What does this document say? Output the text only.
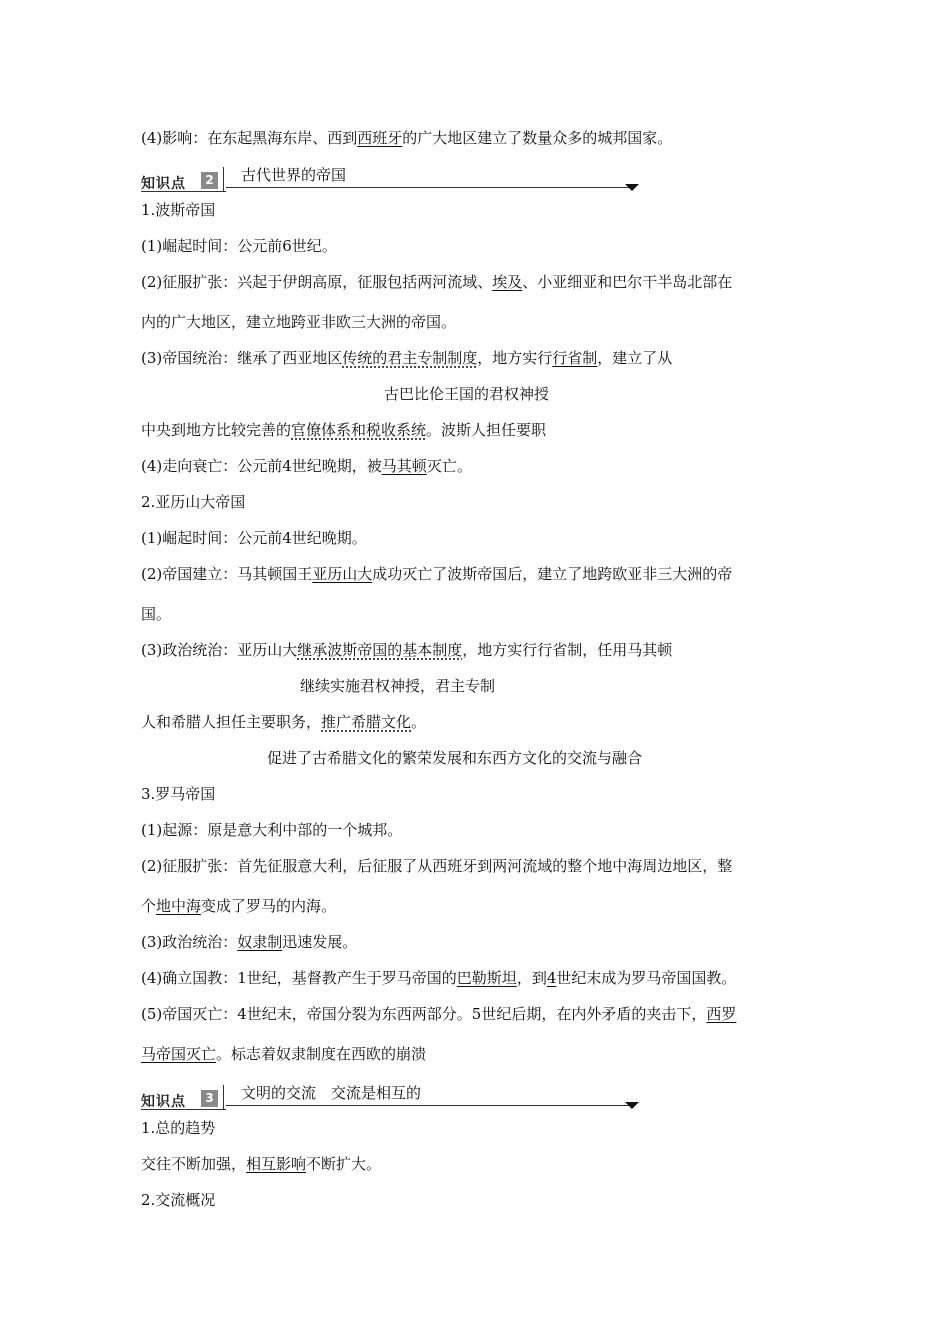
(4)影响：在东起黑海东岸、西到西班牙的广大地区建立了数量众多的城邦国家。
知识点	2 古代世界的帝国
1.波斯帝国
(1)崛起时间：公元前6世纪。
(2)征服扩张：兴起于伊朗高原，征服包括两河流域、埃及、小亚细亚和巴尔干半岛北部在
内的广大地区，建立地跨亚非欧三大洲的帝国。
(3)帝国统治：继承了西亚地区传统的君主专制制度，地方实行行省制，建立了从
古巴比伦王国的君权神授
中央到地方比较完善的官僚体系和税收系统。波斯人担任要职
(4)走向衰亡：公元前4世纪晚期，被马其顿灭亡。
2.亚历山大帝国
(1)崛起时间：公元前4世纪晚期。
(2)帝国建立：马其顿国王亚历山大成功灭亡了波斯帝国后，建立了地跨欧亚非三大洲的帝
国。
(3)政治统治：亚历山大继承波斯帝国的基本制度，地方实行行省制，任用马其顿
继续实施君权神授，君主专制
人和希腊人担任主要职务，推广希腊文化。
促进了古希腊文化的繁荣发展和东西方文化的交流与融合
3.罗马帝国
(1)起源：原是意大利中部的一个城邦。
(2)征服扩张：首先征服意大利，后征服了从西班牙到两河流域的整个地中海周边地区，整
个地中海变成了罗马的内海。
(3)政治统治：奴隶制迅速发展。
(4)确立国教：1世纪，基督教产生于罗马帝国的巴勒斯坦，到4世纪末成为罗马帝国国教。
(5)帝国灭亡：4世纪末，帝国分裂为东西两部分。5世纪后期，在内外矛盾的夹击下，西罗
马帝国灭亡。标志着奴隶制度在西欧的崩溃
知识点	3 文明的交流　交流是相互的
1.总的趋势
交往不断加强，相互影响不断扩大。
2.交流概况
